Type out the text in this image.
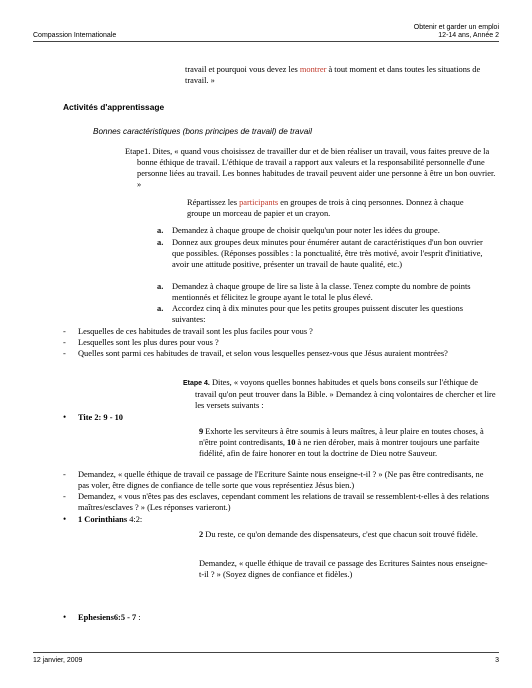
Compassion Internationale
Obtenir et garder un emploi
12-14 ans, Année 2

travail et pourquoi vous devez les montrer à tout moment et dans toutes les situations de travail. »

Activités d'apprentissage
Bonnes caractéristiques (bons principes de travail) de travail

Etape1. Dites, « quand vous choisissez de travailler dur et de bien réaliser un travail, vous faites preuve de la bonne éthique de travail. L'éthique de travail a rapport aux valeurs et la responsabilité personnelle d'une personne liées au travail. Les bonnes habitudes de travail peuvent aider une personne à être un bon ouvrier. »

Répartissez les participants en groupes de trois à cinq personnes. Donnez à chaque groupe un morceau de papier et un crayon.

a. Demandez à chaque groupe de choisir quelqu'un pour noter les idées du groupe.
a. Donnez aux groupes deux minutes pour énumérer autant de caractéristiques d'un bon ouvrier que possibles. (Réponses possibles : la ponctualité, être très motivé, avoir l'esprit d'initiative, avoir une attitude positive, présenter un travail de haute qualité, etc.)
a. Demandez à chaque groupe de lire sa liste à la classe. Tenez compte du nombre de points mentionnés et félicitez le groupe ayant le total le plus élevé.
a. Accordez cinq à dix minutes pour que les petits groupes puissent discuter les questions suivantes:
- Lesquelles de ces habitudes de travail sont les plus faciles pour vous ?
- Lesquelles sont les plus dures pour vous ?
- Quelles sont parmi ces habitudes de travail, et selon vous lesquelles pensez-vous que Jésus auraient montrées?

Etape 4. Dites, « voyons quelles bonnes habitudes et quels bons conseils sur l'éthique de travail qu'on peut trouver dans la Bible. » Demandez à cinq volontaires de chercher et lire les versets suivants :

• Tite 2: 9 - 10

9 Exhorte les serviteurs à être soumis à leurs maîtres, à leur plaire en toutes choses, à n'être point contredisants, 10 à ne rien dérober, mais à montrer toujours une parfaite fidélité, afin de faire honorer en tout la doctrine de Dieu notre Sauveur.

- Demandez, « quelle éthique de travail ce passage de l'Ecriture Sainte nous enseigne-t-il ? » (Ne pas être contredisants, ne pas voler, être dignes de confiance de telle sorte que vous représentiez Jésus bien.)
- Demandez, « vous n'êtes pas des esclaves, cependant comment les relations de travail se ressemblent-t-elles à des relations maîtres/esclaves ? » (Les réponses varieront.)
• 1 Corinthians 4:2:

2 Du reste, ce qu'on demande des dispensateurs, c'est que chacun soit trouvé fidèle.

Demandez, « quelle éthique de travail ce passage des Ecritures Saintes nous enseigne-t-il ? » (Soyez dignes de confiance et fidèles.)

• Ephesiens6:5 - 7 :
12 janvier, 2009	3
